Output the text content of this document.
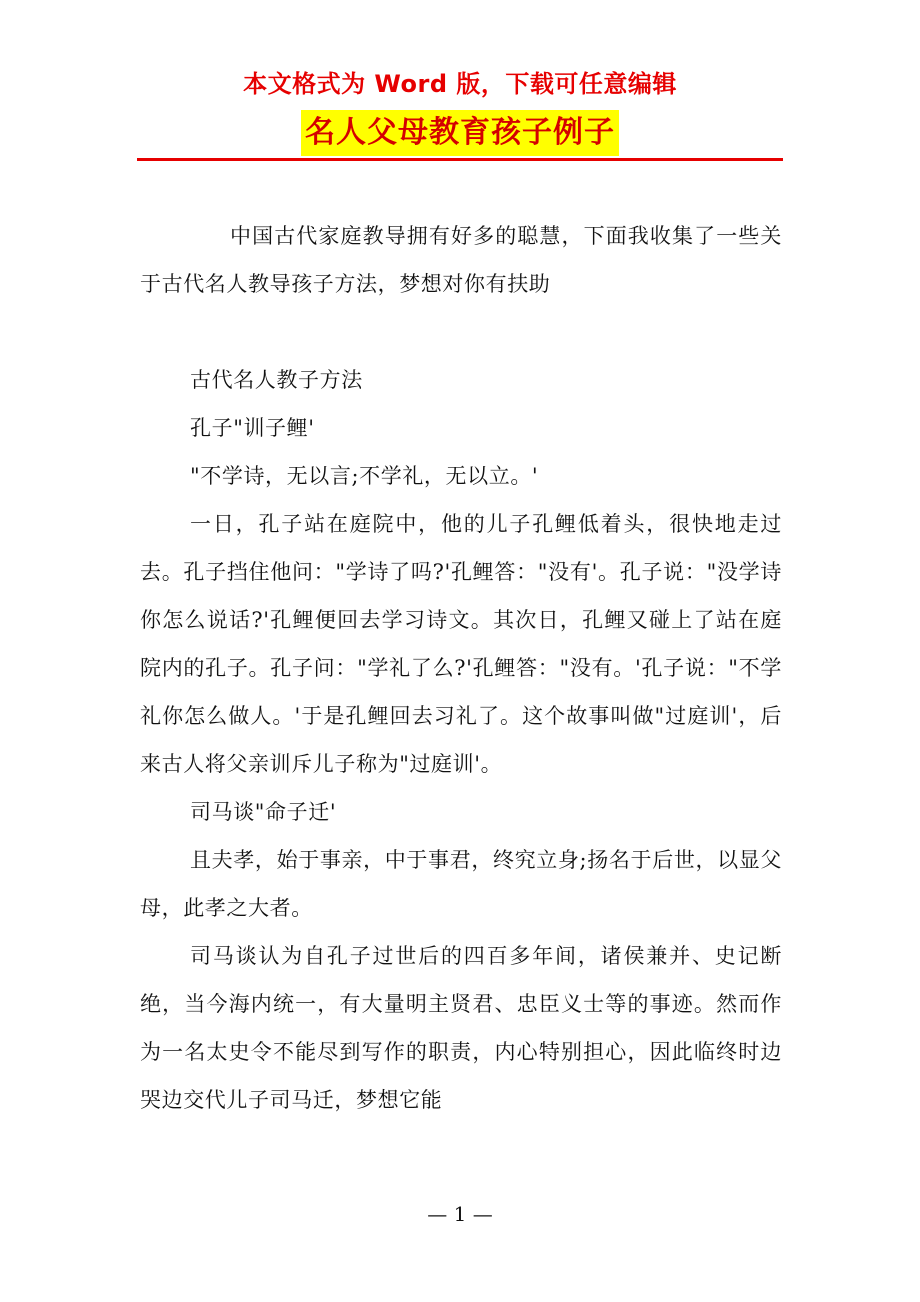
本文格式为 Word 版，下载可任意编辑
名人父母教育孩子例子

中国古代家庭教导拥有好多的聪慧，下面我收集了一些关于古代名人教导孩子方法，梦想对你有扶助

古代名人教子方法

孔子"训子鲤'

"不学诗，无以言;不学礼，无以立。'

一日，孔子站在庭院中，他的儿子孔鲤低着头，很快地走过去。孔子挡住他问："学诗了吗?'孔鲤答："没有'。孔子说："没学诗你怎么说话?'孔鲤便回去学习诗文。其次日，孔鲤又碰上了站在庭院内的孔子。孔子问："学礼了么?'孔鲤答："没有。'孔子说："不学礼你怎么做人。'于是孔鲤回去习礼了。这个故事叫做"过庭训'，后来古人将父亲训斥儿子称为"过庭训'。

司马谈"命子迁'

且夫孝，始于事亲，中于事君，终究立身;扬名于后世，以显父母，此孝之大者。

司马谈认为自孔子过世后的四百多年间，诸侯兼并、史记断绝，当今海内统一，有大量明主贤君、忠臣义士等的事迹。然而作为一名太史令不能尽到写作的职责，内心特别担心，因此临终时边哭边交代儿子司马迁，梦想它能

— 1 —
